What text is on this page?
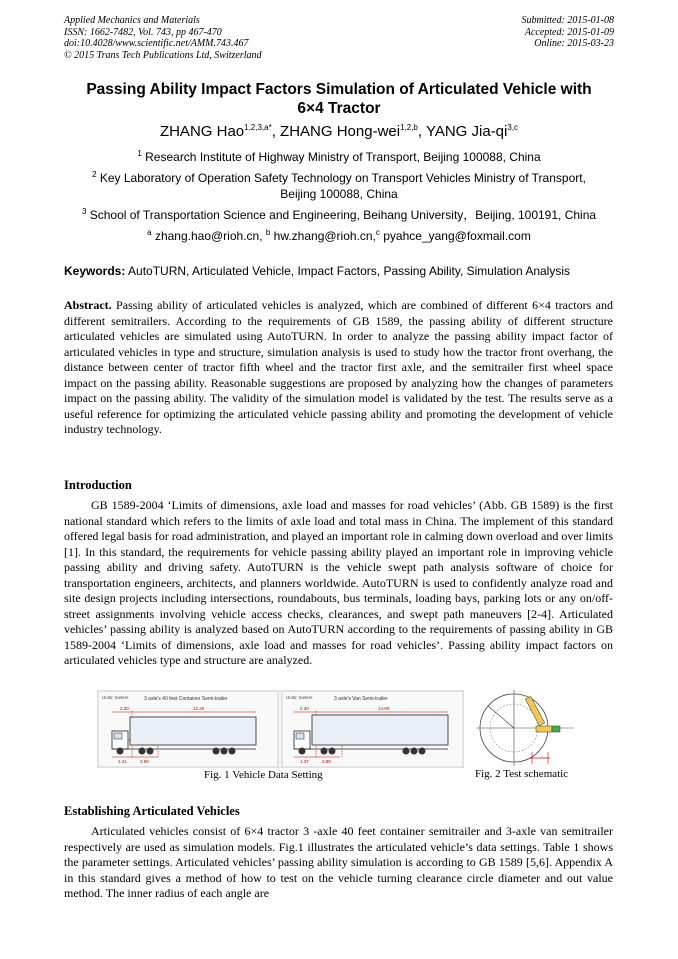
Applied Mechanics and Materials
ISSN: 1662-7482, Vol. 743, pp 467-470
doi:10.4028/www.scientific.net/AMM.743.467
© 2015 Trans Tech Publications Ltd, Switzerland
Submitted: 2015-01-08
Accepted: 2015-01-09
Online: 2015-03-23
Passing Ability Impact Factors Simulation of Articulated Vehicle with
6×4 Tractor
ZHANG Hao$^{1,2,3,a*}$, ZHANG Hong-wei$^{1,2,b}$, YANG Jia-qi$^{3,c}$
$^1$ Research Institute of Highway Ministry of Transport, Beijing 100088, China
$^2$ Key Laboratory of Operation Safety Technology on Transport Vehicles Ministry of Transport,
Beijing 100088, China
$^3$ School of Transportation Science and Engineering, Beihang University，Beijing, 100191, China
$^a$ zhang.hao@rioh.cn, $^b$ hw.zhang@rioh.cn,$^c$ pyahce_yang@foxmail.com
Keywords: AutoTURN, Articulated Vehicle, Impact Factors, Passing Ability, Simulation Analysis
Abstract. Passing ability of articulated vehicles is analyzed, which are combined of different 6×4 tractors and different semitrailers. According to the requirements of GB 1589, the passing ability of different structure articulated vehicles are simulated using AutoTURN. In order to analyze the passing ability impact factor of articulated vehicles in type and structure, simulation analysis is used to study how the tractor front overhang, the distance between center of tractor fifth wheel and the tractor first axle, and the semitrailer first wheel space impact on the passing ability. Reasonable suggestions are proposed by analyzing how the changes of parameters impact on the passing ability. The validity of the simulation model is validated by the test. The results serve as a useful reference for optimizing the articulated vehicle passing ability and promoting the development of vehicle industry technology.
Introduction
GB 1589-2004 ‘Limits of dimensions, axle load and masses for road vehicles’ (Abb. GB 1589) is the first national standard which refers to the limits of axle load and total mass in China. The implement of this standard offered legal basis for road administration, and played an important role in calming down overload and over limits [1]. In this standard, the requirements for vehicle passing ability played an important role in improving vehicle passing ability and driving safety. AutoTURN is the vehicle swept path analysis software of choice for transportation engineers, architects, and planners worldwide. AutoTURN is used to confidently analyze road and site design projects including intersections, roundabouts, bus terminals, loading bays, parking lots or any on/off-street assignments involving vehicle access checks, clearances, and swept path maneuvers [2-4]. Articulated vehicles’ passing ability is analyzed based on AutoTURN according to the requirements of passing ability in GB 1589-2004 ‘Limits of dimensions, axle load and masses for road vehicles’. Passing ability impact factors on articulated vehicles type and structure are analyzed.
Units: meters	3 axle's 40 feet Container Semi-trailer
2.30	12.40
1.41	3.98
Units: meters	3 axle's Van Semi-trailer
2.30	14.00
1.37	3.89
Fig. 1 Vehicle Data Setting	Fig. 2 Test schematic
Establishing Articulated Vehicles
Articulated vehicles consist of 6×4 tractor 3 -axle 40 feet container semitrailer and 3-axle van semitrailer respectively are used as simulation models. Fig.1 illustrates the articulated vehicle’s data settings. Table 1 shows the parameter settings. Articulated vehicles’ passing ability simulation is according to GB 1589 [5,6]. Appendix A in this standard gives a method of how to test on the vehicle turning clearance circle diameter and out value method. The inner radius of each angle are
